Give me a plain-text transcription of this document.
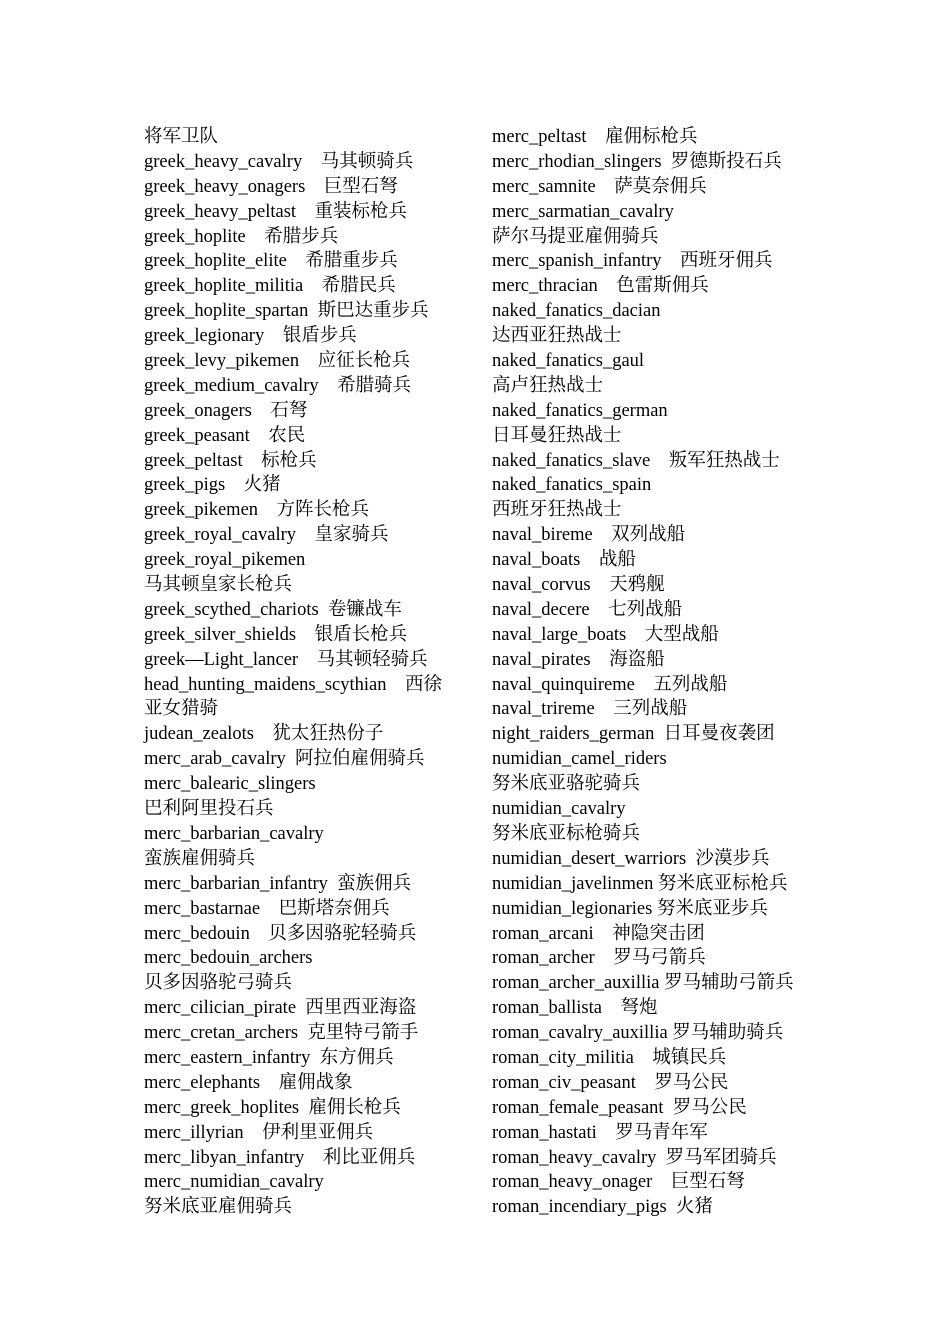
将军卫队
greek_heavy_cavalry    马其顿骑兵
greek_heavy_onagers    巨型石弩
greek_heavy_peltast    重装标枪兵
greek_hoplite    希腊步兵
greek_hoplite_elite    希腊重步兵
greek_hoplite_militia    希腊民兵
greek_hoplite_spartan  斯巴达重步兵
greek_legionary    银盾步兵
greek_levy_pikemen    应征长枪兵
greek_medium_cavalry    希腊骑兵
greek_onagers    石弩
greek_peasant    农民
greek_peltast    标枪兵
greek_pigs    火猪
greek_pikemen    方阵长枪兵
greek_royal_cavalry    皇家骑兵
greek_royal_pikemen
马其顿皇家长枪兵
greek_scythed_chariots  卷镰战车
greek_silver_shields    银盾长枪兵
greek—Light_lancer    马其顿轻骑兵
head_hunting_maidens_scythian    西徐
亚女猎骑
judean_zealots    犹太狂热份子
merc_arab_cavalry  阿拉伯雇佣骑兵
merc_balearic_slingers
巴利阿里投石兵
merc_barbarian_cavalry
蛮族雇佣骑兵
merc_barbarian_infantry  蛮族佣兵
merc_bastarnae    巴斯塔奈佣兵
merc_bedouin    贝多因骆驼轻骑兵
merc_bedouin_archers
贝多因骆驼弓骑兵
merc_cilician_pirate  西里西亚海盗
merc_cretan_archers  克里特弓箭手
merc_eastern_infantry  东方佣兵
merc_elephants    雇佣战象
merc_greek_hoplites  雇佣长枪兵
merc_illyrian    伊利里亚佣兵
merc_libyan_infantry    利比亚佣兵
merc_numidian_cavalry
努米底亚雇佣骑兵
merc_peltast    雇佣标枪兵
merc_rhodian_slingers  罗德斯投石兵
merc_samnite    萨莫奈佣兵
merc_sarmatian_cavalry
萨尔马提亚雇佣骑兵
merc_spanish_infantry    西班牙佣兵
merc_thracian    色雷斯佣兵
naked_fanatics_dacian
达西亚狂热战士
naked_fanatics_gaul
高卢狂热战士
naked_fanatics_german
日耳曼狂热战士
naked_fanatics_slave    叛军狂热战士
naked_fanatics_spain
西班牙狂热战士
naval_bireme    双列战船
naval_boats    战船
naval_corvus    天鸦舰
naval_decere    七列战船
naval_large_boats    大型战船
naval_pirates    海盗船
naval_quinquireme    五列战船
naval_trireme    三列战船
night_raiders_german  日耳曼夜袭团
numidian_camel_riders
努米底亚骆驼骑兵
numidian_cavalry
努米底亚标枪骑兵
numidian_desert_warriors  沙漠步兵
numidian_javelinmen 努米底亚标枪兵
numidian_legionaries 努米底亚步兵
roman_arcani    神隐突击团
roman_archer    罗马弓箭兵
roman_archer_auxillia 罗马辅助弓箭兵
roman_ballista    弩炮
roman_cavalry_auxillia 罗马辅助骑兵
roman_city_militia    城镇民兵
roman_civ_peasant    罗马公民
roman_female_peasant  罗马公民
roman_hastati    罗马青年军
roman_heavy_cavalry  罗马军团骑兵
roman_heavy_onager    巨型石弩
roman_incendiary_pigs  火猪
